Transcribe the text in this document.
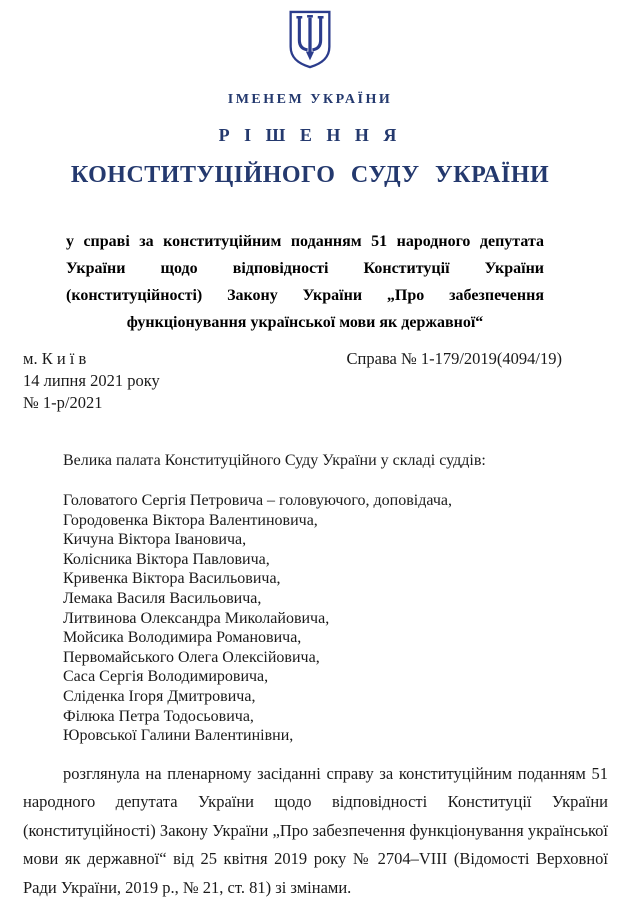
ІМЕНЕМ УКРАЇНИ
Р І Ш Е Н Н Я
КОНСТИТУЦІЙНОГО СУДУ УКРАЇНИ
у справі за конституційним поданням 51 народного депутата України щодо відповідності Конституції України (конституційності) Закону України „Про забезпечення функціонування української мови як державної“
м. К и ї в
14 липня 2021 року
№ 1-р/2021
Справа № 1-179/2019(4094/19)
Велика палата Конституційного Суду України у складі суддів:
Головатого Сергія Петровича – головуючого, доповідача,
Городовенка Віктора Валентиновича,
Кичуна Віктора Івановича,
Колісника Віктора Павловича,
Кривенка Віктора Васильовича,
Лемака Василя Васильовича,
Литвинова Олександра Миколайовича,
Мойсика Володимира Романовича,
Первомайського Олега Олексійовича,
Саса Сергія Володимировича,
Сліденка Ігоря Дмитровича,
Філюка Петра Тодосьовича,
Юровської Галини Валентинівни,
розглянула на пленарному засіданні справу за конституційним поданням 51 народного депутата України щодо відповідності Конституції України (конституційності) Закону України „Про забезпечення функціонування української мови як державної“ від 25 квітня 2019 року № 2704–VIII (Відомості Верховної Ради України, 2019 р., № 21, ст. 81) зі змінами.
